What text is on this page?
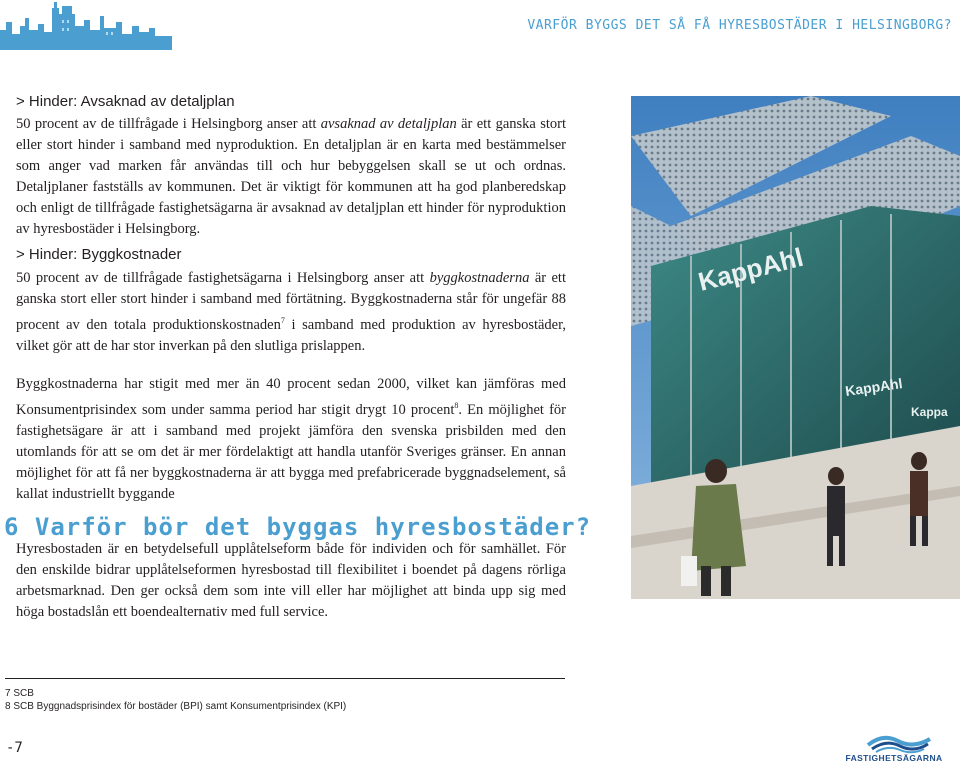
VARFÖR BYGGS DET SÅ FÅ HYRESBOSTÄDER I HELSINGBORG?
> Hinder: Avsaknad av detaljplan

50 procent av de tillfrågade i Helsingborg anser att avsaknad av detaljplan är ett ganska stort eller stort hinder i samband med nyproduktion. En detaljplan är en karta med bestämmelser som anger vad marken får användas till och hur bebyggelsen skall se ut och ordnas. Detaljplaner fastställs av kommunen. Det är viktigt för kommunen att ha god planberedskap och enligt de tillfrågade fastighetsägarna är avsaknad av detaljplan ett hinder för nyproduktion av hyresbostäder i Helsingborg.

> Hinder: Byggkostnader

50 procent av de tillfrågade fastighetsägarna i Helsingborg anser att byggkostnaderna är ett ganska stort eller stort hinder i samband med förtätning. Byggkostnaderna står för ungefär 88 procent av den totala produktionskostnaden$^7$ i samband med produktion av hyresbostäder, vilket gör att de har stor inverkan på den slutliga prislappen.

Byggkostnaderna har stigit med mer än 40 procent sedan 2000, vilket kan jämföras med Konsumentprisindex som under samma period har stigit drygt 10 procent$^8$. En möjlighet för fastighetsägare är att i samband med projekt jämföra den svenska prisbilden med den utomlands för att se om det är mer fördelaktigt att handla utanför Sveriges gränser. En annan möjlighet för att få ner byggkostnaderna är att bygga med prefabricerade byggnadselement, så kallat industriellt byggande

6 Varför bör det byggas hyresbostäder?

Hyresbostaden är en betydelsefull upplåtelseform både för individen och för samhället. För den enskilde bidrar upplåtelseformen hyresbostad till flexibilitet i boendet på dagens rörliga arbetsmarknad. Den ger också dem som inte vill eller har möjlighet att binda upp sig med höga bostadslån ett boendealternativ med full service.

KappAhl
KappAhl
Kappa
7 SCB
8 SCB Byggnadsprisindex för bostäder (BPI) samt Konsumentprisindex (KPI)
-7
FASTIGHETSÄGARNA
